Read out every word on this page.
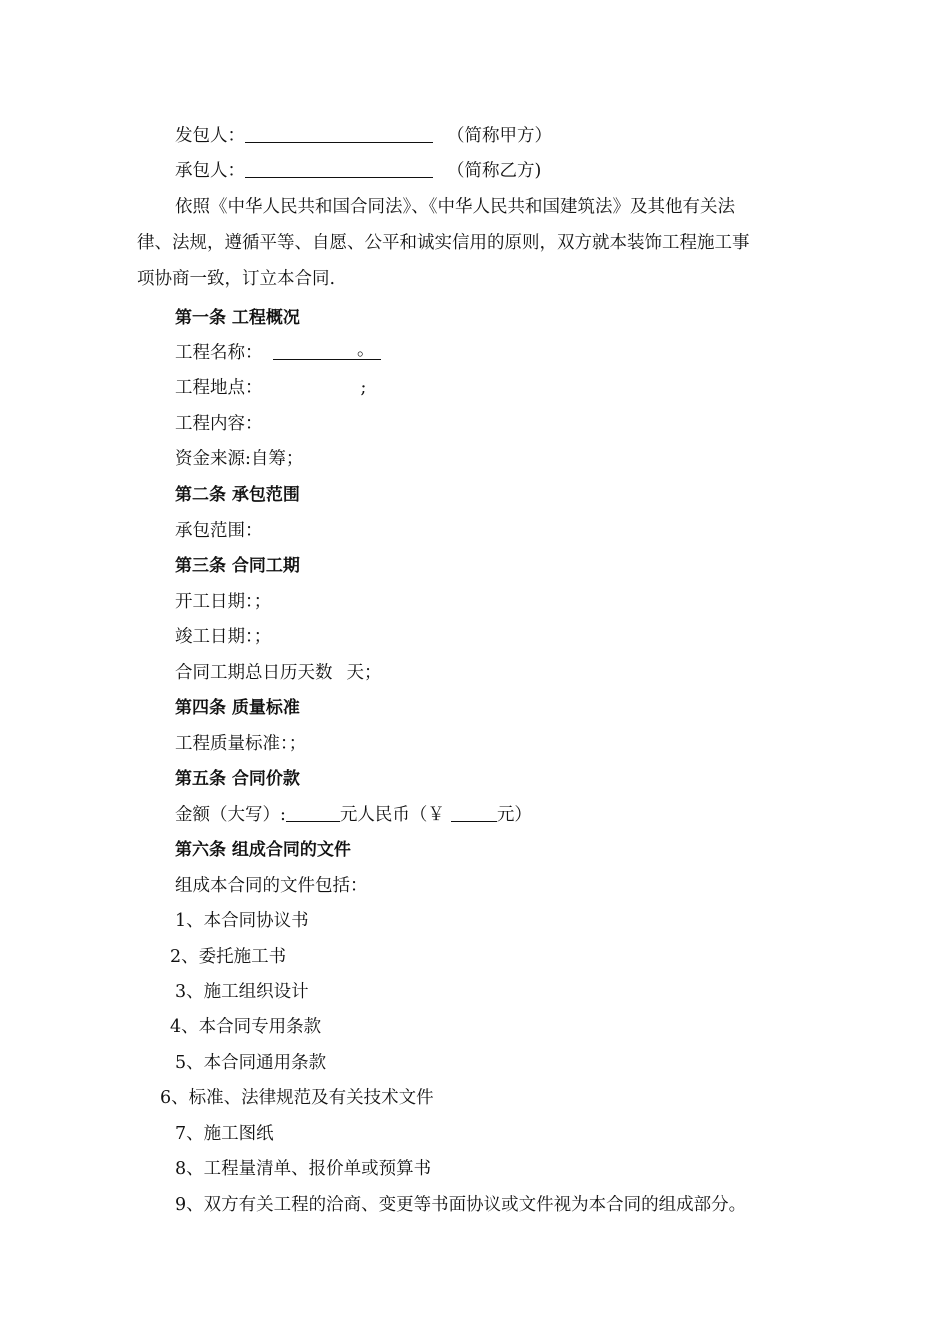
发包人：	（简称甲方）
承包人：	（简称乙方)
依照《中华人民共和国合同法》、《中华人民共和国建筑法》及其他有关法
律、法规，遵循平等、自愿、公平和诚实信用的原则，双方就本装饰工程施工事
项协商一致，订立本合同.
第一条 工程概况
工程名称：	。
工程地点：	;
工程内容：
资金来源:自筹；
第二条 承包范围
承包范围：
第三条 合同工期
开工日期：；
竣工日期：；
合同工期总日历天数 天；
第四条 质量标准
工程质量标准：；
第五条 合同价款
金额（大写）:	元人民币（￥	元）
第六条 组成合同的文件
组成本合同的文件包括：
1、本合同协议书
2、委托施工书
3、施工组织设计
4、本合同专用条款
5、本合同通用条款
6、标准、法律规范及有关技术文件
7、施工图纸
8、工程量清单、报价单或预算书
9、双方有关工程的洽商、变更等书面协议或文件视为本合同的组成部分。
